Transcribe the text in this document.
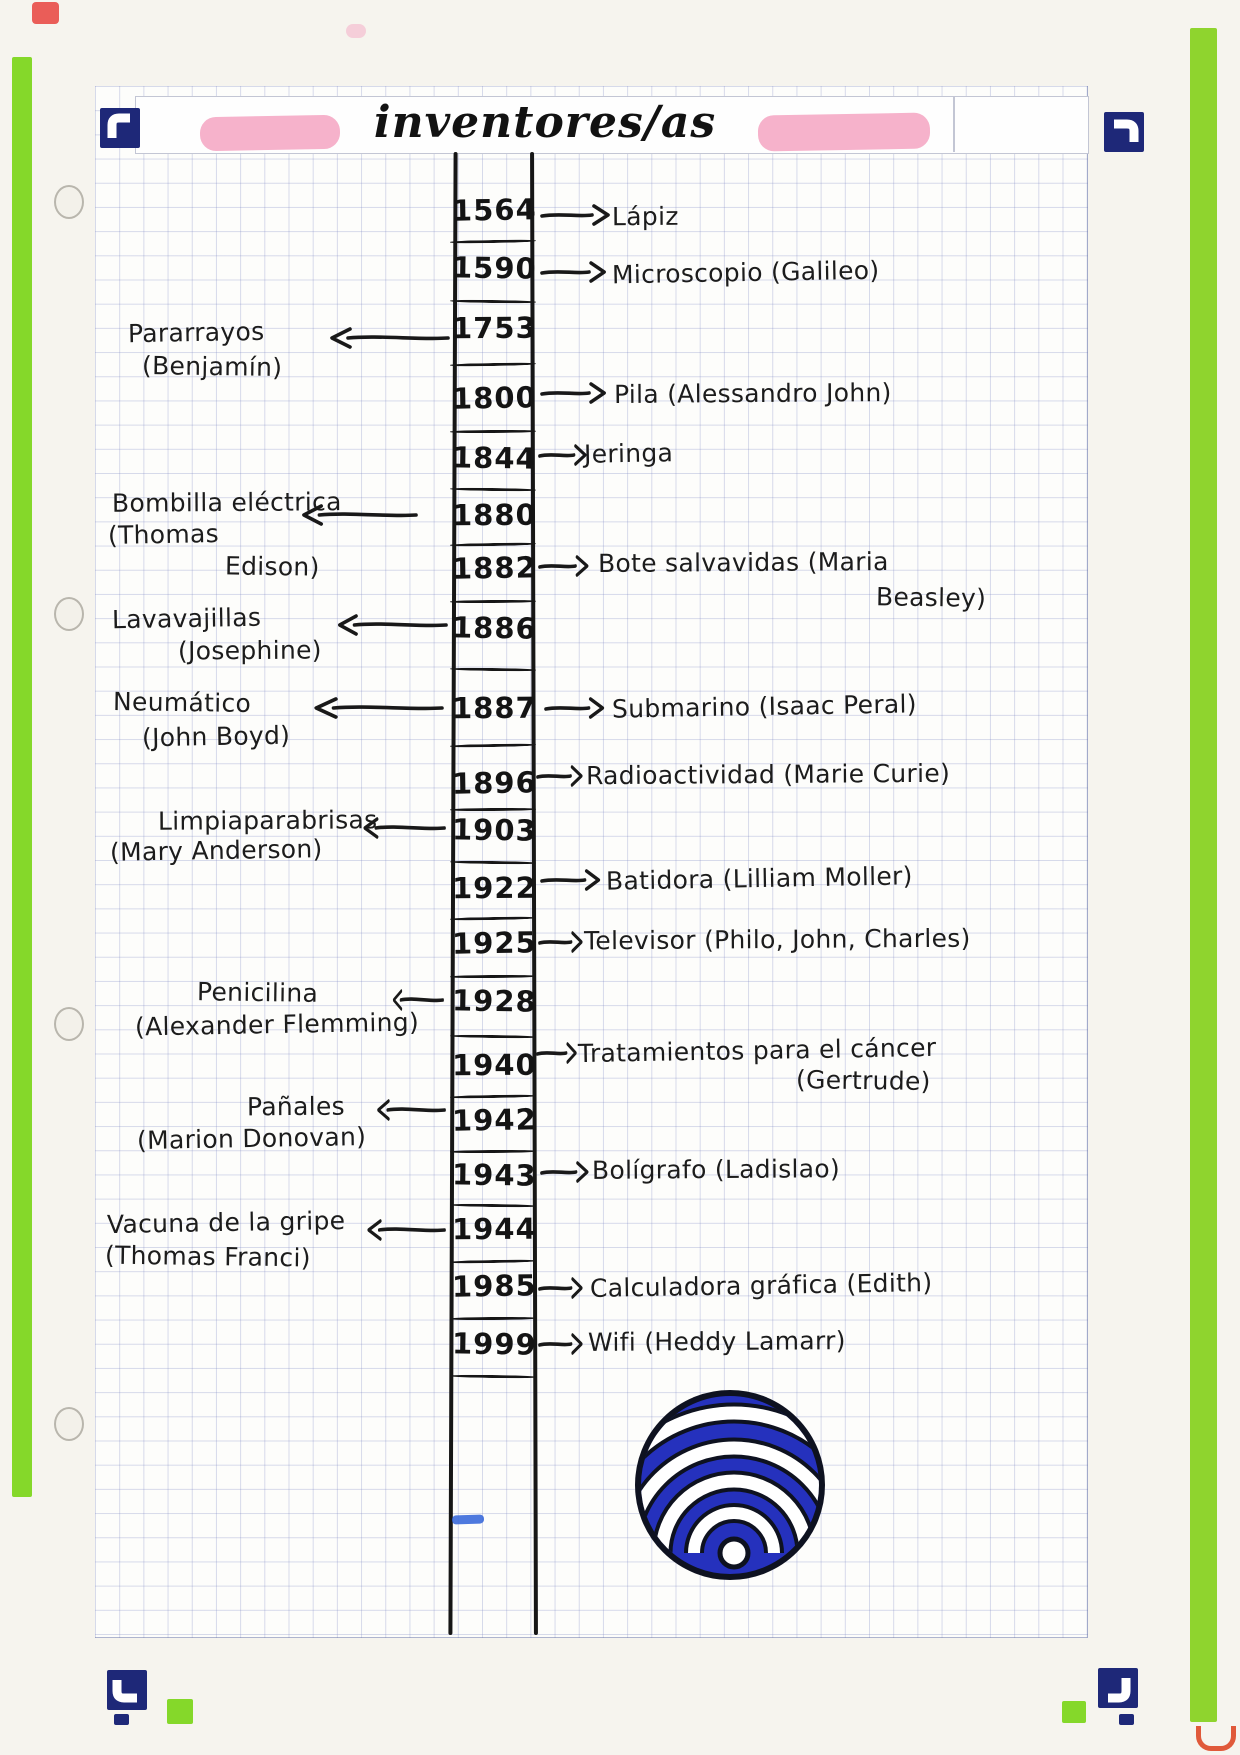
inventores/as
1564
1590
1753
1800
1844
1880
1882
1886
1887
1896
1903
1922
1925
1928
1940
1942
1943
1944
1985
1999
Lápiz
Microscopio (Galileo)
Pila (Alessandro John)
Jeringa
Bote salvavidas (Maria
Beasley)
Submarino (Isaac Peral)
Radioactividad (Marie Curie)
Batidora (Lilliam Moller)
Televisor (Philo, John, Charles)
Tratamientos para el cáncer
(Gertrude)
Bolígrafo (Ladislao)
Calculadora gráfica (Edith)
Wifi (Heddy Lamarr)
Pararrayos
(Benjamín)
Bombilla eléctrica
(Thomas
Edison)
Lavavajillas
(Josephine)
Neumático
(John Boyd)
Limpiaparabrisas
(Mary Anderson)
Penicilina
(Alexander Flemming)
Pañales
(Marion Donovan)
Vacuna de la gripe
(Thomas Franci)
